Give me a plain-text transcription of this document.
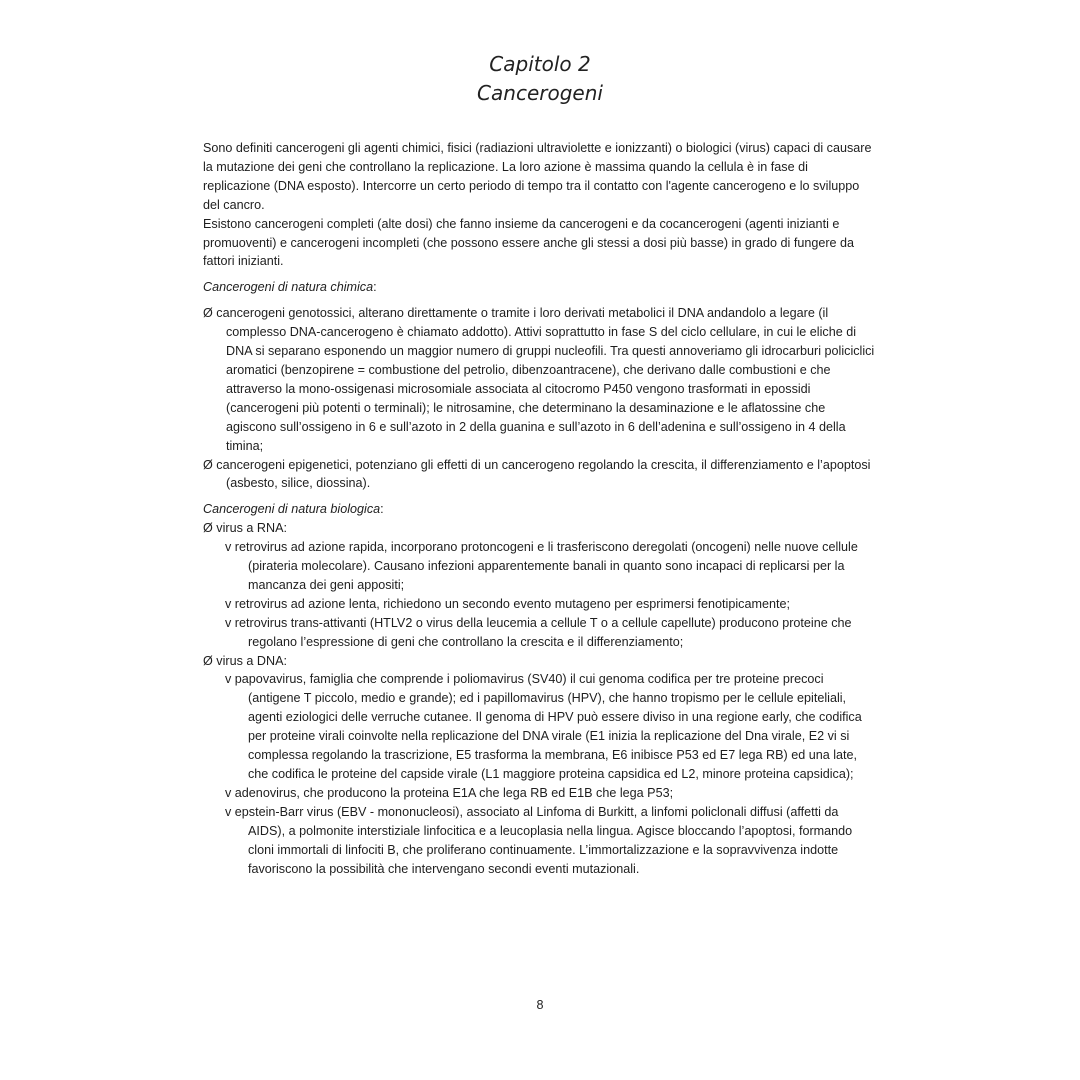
Capitolo 2
Cancerogeni

Sono definiti cancerogeni gli agenti chimici, fisici (radiazioni ultraviolette e ionizzanti) o biologici (virus) capaci di causare la mutazione dei geni che controllano la replicazione. La loro azione è massima quando la cellula è in fase di replicazione (DNA esposto). Intercorre un certo periodo di tempo tra il contatto con l'agente cancerogeno e lo sviluppo del cancro.

Esistono cancerogeni completi (alte dosi) che fanno insieme da cancerogeni e da cocancerogeni (agenti inizianti e promuoventi) e cancerogeni incompleti (che possono essere anche gli stessi a dosi più basse) in grado di fungere da fattori inizianti.

Cancerogeni di natura chimica:

Ø cancerogeni genotossici, alterano direttamente o tramite i loro derivati metabolici il DNA andandolo a legare (il complesso DNA-cancerogeno è chiamato addotto). Attivi soprattutto in fase S del ciclo cellulare, in cui le eliche di DNA si separano esponendo un maggior numero di gruppi nucleofili. Tra questi annoveriamo gli idrocarburi policiclici aromatici (benzopirene = combustione del petrolio, dibenzoantracene), che derivano dalle combustioni e che attraverso la mono-ossigenasi microsomiale associata al citocromo P450 vengono trasformati in epossidi (cancerogeni più potenti o terminali); le nitrosamine, che determinano la desaminazione e le aflatossine che agiscono sull’ossigeno in 6 e sull’azoto in 2 della guanina e sull’azoto in 6 dell’adenina e sull’ossigeno in 4 della timina;

Ø cancerogeni epigenetici, potenziano gli effetti di un cancerogeno regolando la crescita, il differenziamento e l’apoptosi (asbesto, silice, diossina).

Cancerogeni di natura biologica:

Ø virus a RNA:

v retrovirus ad azione rapida, incorporano protoncogeni e li trasferiscono deregolati (oncogeni) nelle nuove cellule (pirateria molecolare). Causano infezioni apparentemente banali in quanto sono incapaci di replicarsi per la mancanza dei geni appositi;

v retrovirus ad azione lenta, richiedono un secondo evento mutageno per esprimersi fenotipicamente;

v retrovirus trans-attivanti (HTLV2 o virus della leucemia a cellule T o a cellule capellute) producono proteine che regolano l’espressione di geni che controllano la crescita e il differenziamento;

Ø virus a DNA:

v papovavirus, famiglia che comprende i poliomavirus (SV40) il cui genoma codifica per tre proteine precoci (antigene T piccolo, medio e grande); ed i papillomavirus (HPV), che hanno tropismo per le cellule epiteliali, agenti eziologici delle verruche cutanee. Il genoma di HPV può essere diviso in una regione early, che codifica per proteine virali coinvolte nella replicazione del DNA virale (E1 inizia la replicazione del Dna virale, E2 vi si complessa regolando la trascrizione, E5 trasforma la membrana, E6 inibisce P53 ed E7 lega RB) ed una late, che codifica le proteine del capside virale (L1 maggiore proteina capsidica ed L2, minore proteina capsidica);

v adenovirus, che producono la proteina E1A che lega RB ed E1B che lega P53;

v epstein-Barr virus (EBV - mononucleosi), associato al Linfoma di Burkitt, a linfomi policlonali diffusi (affetti da AIDS), a polmonite interstiziale linfocitica e a leucoplasia nella lingua. Agisce bloccando l’apoptosi, formando cloni immortali di linfociti B, che proliferano continuamente. L’immortalizzazione e la sopravvivenza indotte favoriscono la possibilità che intervengano secondi eventi mutazionali.

8
